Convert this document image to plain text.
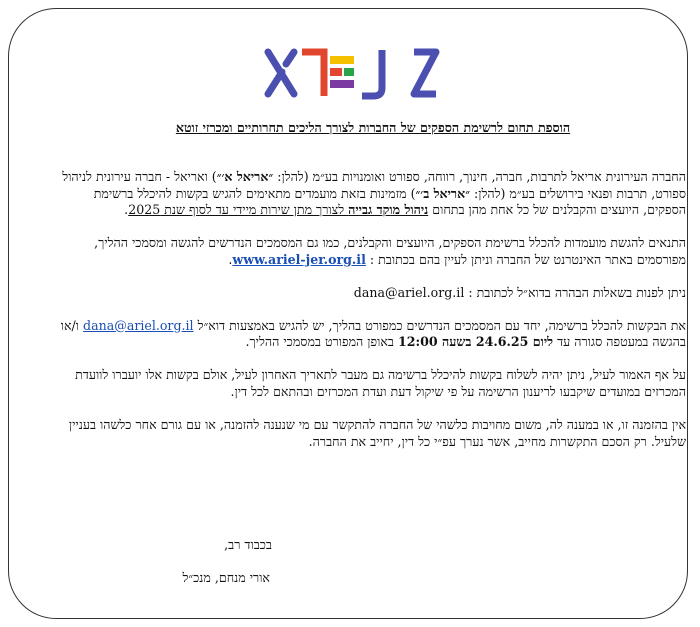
הוספת תחום לרשימת הספקים של החברות לצורך הליכים תחרותיים ומכרזי זוטא

החברה העירונית אריאל לתרבות, חברה, חינוך, רווחה, ספורט ואומנויות בע״מ (להלן: ״אריאל א׳״) ואריאל - חברה עירונית לניהול ספורט, תרבות ופנאי בירושלים בע״מ (להלן: ״אריאל ב׳״) מזמינות בזאת מועמדים מתאימים להגיש בקשות להיכלל ברשימת הספקים, היועצים והקבלנים של כל אחת מהן בתחום ניהול מוקד גבייה לצורך מתן שירות מיידי עד לסוף שנת 2025.

התנאים להגשת מועמדות להכלל ברשימת הספקים, היועצים והקבלנים, כמו גם המסמכים הנדרשים להגשה ומסמכי ההליך, מפורסמים באתר האינטרנט של החברה וניתן לעיין בהם בכתובת : www.ariel-jer.org.il.

ניתן לפנות בשאלות הבהרה בדוא״ל לכתובת : dana@ariel.org.il

את הבקשות להכלל ברשימה, יחד עם המסמכים הנדרשים כמפורט בהליך, יש להגיש באמצעות דוא״ל dana@ariel.org.il ו/או בהגשה במעטפה סגורה עד ליום 24.6.25 בשעה 12:00 באופן המפורט במסמכי ההליך.

על אף האמור לעיל, ניתן יהיה לשלוח בקשות להיכלל ברשימה גם מעבר לתאריך האחרון לעיל, אולם בקשות אלו יועברו לוועדת המכרזים במועדים שיקבעו לריענון הרשימה על פי שיקול דעת ועדת המכרזים ובהתאם לכל דין.

אין בהזמנה זו, או במענה לה, משום מחויבות כלשהי של החברה להתקשר עם מי שנענה להזמנה, או עם גורם אחר כלשהו בעניין שלעיל. רק הסכם התקשרות מחייב, אשר נערך עפ״י כל דין, יחייב את החברה.

בכבוד רב,
אורי מנחם, מנכ״ל
